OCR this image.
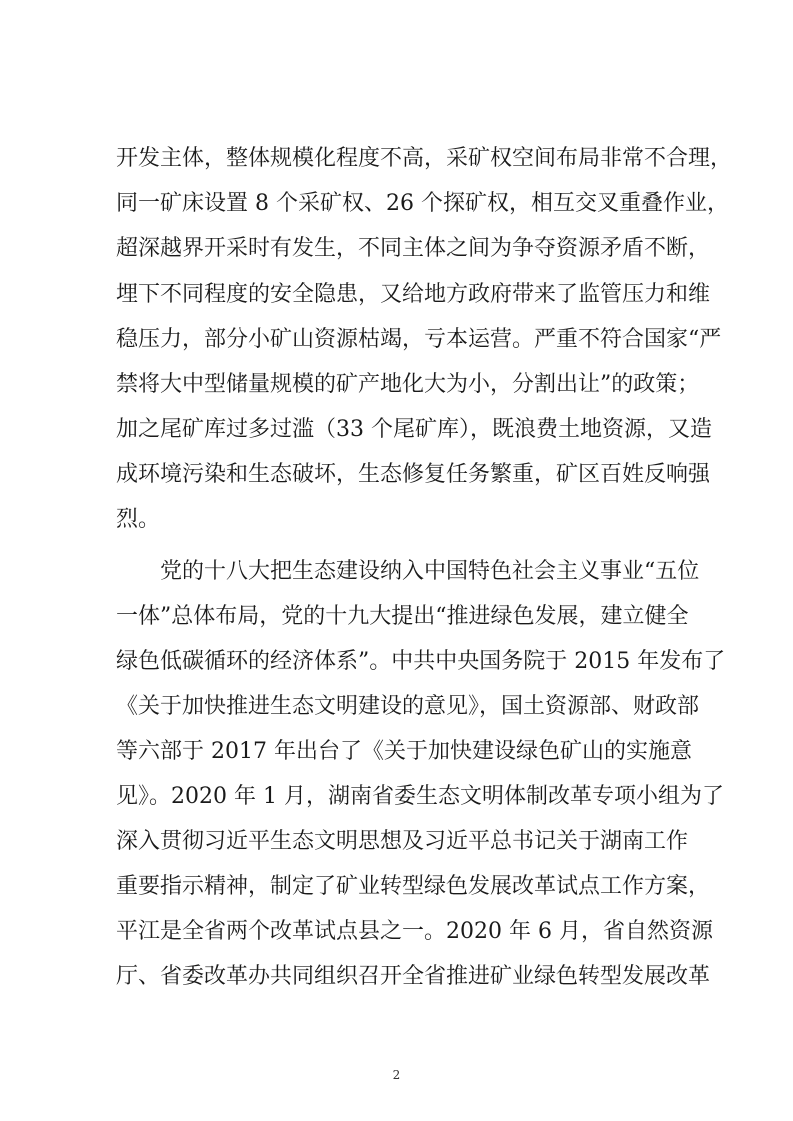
开发主体，整体规模化程度不高，采矿权空间布局非常不合理，
同一矿床设置 8 个采矿权、26 个探矿权，相互交叉重叠作业，
超深越界开采时有发生，不同主体之间为争夺资源矛盾不断，
埋下不同程度的安全隐患，又给地方政府带来了监管压力和维
稳压力，部分小矿山资源枯竭，亏本运营。严重不符合国家“严
禁将大中型储量规模的矿产地化大为小，分割出让”的政策；
加之尾矿库过多过滥（33 个尾矿库），既浪费土地资源，又造
成环境污染和生态破坏，生态修复任务繁重，矿区百姓反响强
烈。
党的十八大把生态建设纳入中国特色社会主义事业“五位
一体”总体布局，党的十九大提出“推进绿色发展，建立健全
绿色低碳循环的经济体系”。中共中央国务院于 2015 年发布了
《关于加快推进生态文明建设的意见》，国土资源部、财政部
等六部于 2017 年出台了《关于加快建设绿色矿山的实施意
见》。2020 年 1 月，湖南省委生态文明体制改革专项小组为了
深入贯彻习近平生态文明思想及习近平总书记关于湖南工作
重要指示精神，制定了矿业转型绿色发展改革试点工作方案，
平江是全省两个改革试点县之一。2020 年 6 月，省自然资源
厅、省委改革办共同组织召开全省推进矿业绿色转型发展改革
2
